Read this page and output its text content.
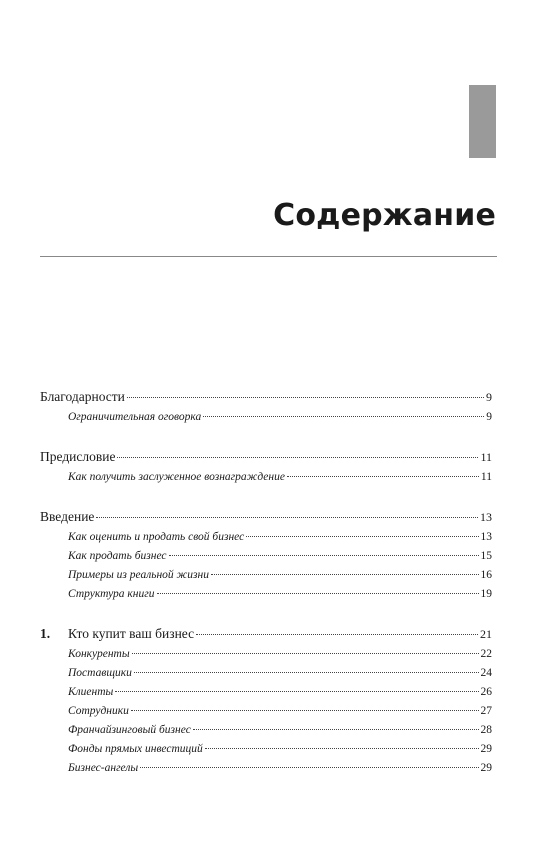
Содержание
Благодарности	9
Ограничительная оговорка	9
Предисловие	11
Как получить заслуженное вознаграждение	11
Введение	13
Как оценить и продать свой бизнес	13
Как продать бизнес	15
Примеры из реальной жизни	16
Структура книги	19
1.	Кто купит ваш бизнес	21
Конкуренты	22
Поставщики	24
Клиенты	26
Сотрудники	27
Франчайзинговый бизнес	28
Фонды прямых инвестиций	29
Бизнес-ангелы	29
